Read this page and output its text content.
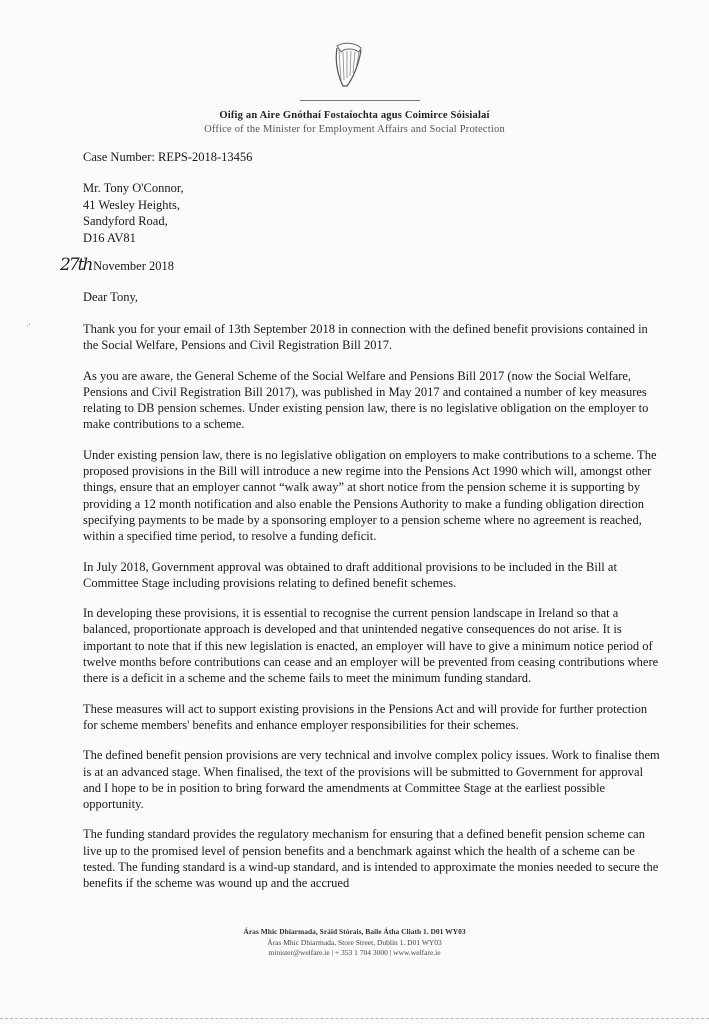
Oifig an Aire Gnóthaí Fostaíochta agus Coimirce Sóisialaí
Office of the Minister for Employment Affairs and Social Protection
Case Number: REPS-2018-13456
Mr. Tony O'Connor,
41 Wesley Heights,
Sandyford Road,
D16 AV81
27th November 2018
Dear Tony,
·'	Thank you for your email of 13th September 2018 in connection with the defined benefit provisions contained in the Social Welfare, Pensions and Civil Registration Bill 2017.

As you are aware, the General Scheme of the Social Welfare and Pensions Bill 2017 (now the Social Welfare, Pensions and Civil Registration Bill 2017), was published in May 2017 and contained a number of key measures relating to DB pension schemes. Under existing pension law, there is no legislative obligation on the employer to make contributions to a scheme.

Under existing pension law, there is no legislative obligation on employers to make contributions to a scheme. The proposed provisions in the Bill will introduce a new regime into the Pensions Act 1990 which will, amongst other things, ensure that an employer cannot “walk away” at short notice from the pension scheme it is supporting by providing a 12 month notification and also enable the Pensions Authority to make a funding obligation direction specifying payments to be made by a sponsoring employer to a pension scheme where no agreement is reached, within a specified time period, to resolve a funding deficit.

In July 2018, Government approval was obtained to draft additional provisions to be included in the Bill at Committee Stage including provisions relating to defined benefit schemes.

In developing these provisions, it is essential to recognise the current pension landscape in Ireland so that a balanced, proportionate approach is developed and that unintended negative consequences do not arise. It is important to note that if this new legislation is enacted, an employer will have to give a minimum notice period of twelve months before contributions can cease and an employer will be prevented from ceasing contributions where there is a deficit in a scheme and the scheme fails to meet the minimum funding standard.

These measures will act to support existing provisions in the Pensions Act and will provide for further protection for scheme members' benefits and enhance employer responsibilities for their schemes.

The defined benefit pension provisions are very technical and involve complex policy issues. Work to finalise them is at an advanced stage. When finalised, the text of the provisions will be submitted to Government for approval and I hope to be in position to bring forward the amendments at Committee Stage at the earliest possible opportunity.

The funding standard provides the regulatory mechanism for ensuring that a defined benefit pension scheme can live up to the promised level of pension benefits and a benchmark against which the health of a scheme can be tested. The funding standard is a wind-up standard, and is intended to approximate the monies needed to secure the benefits if the scheme was wound up and the accrued

Áras Mhic Dhiarmada, Sráid Stórais, Baile Átha Cliath 1. D01 WY03
Áras Mhic Dhiarmada, Store Street, Dublin 1. D01 WY03
minister@welfare.ie | + 353 1 704 3000 | www.welfare.ie
